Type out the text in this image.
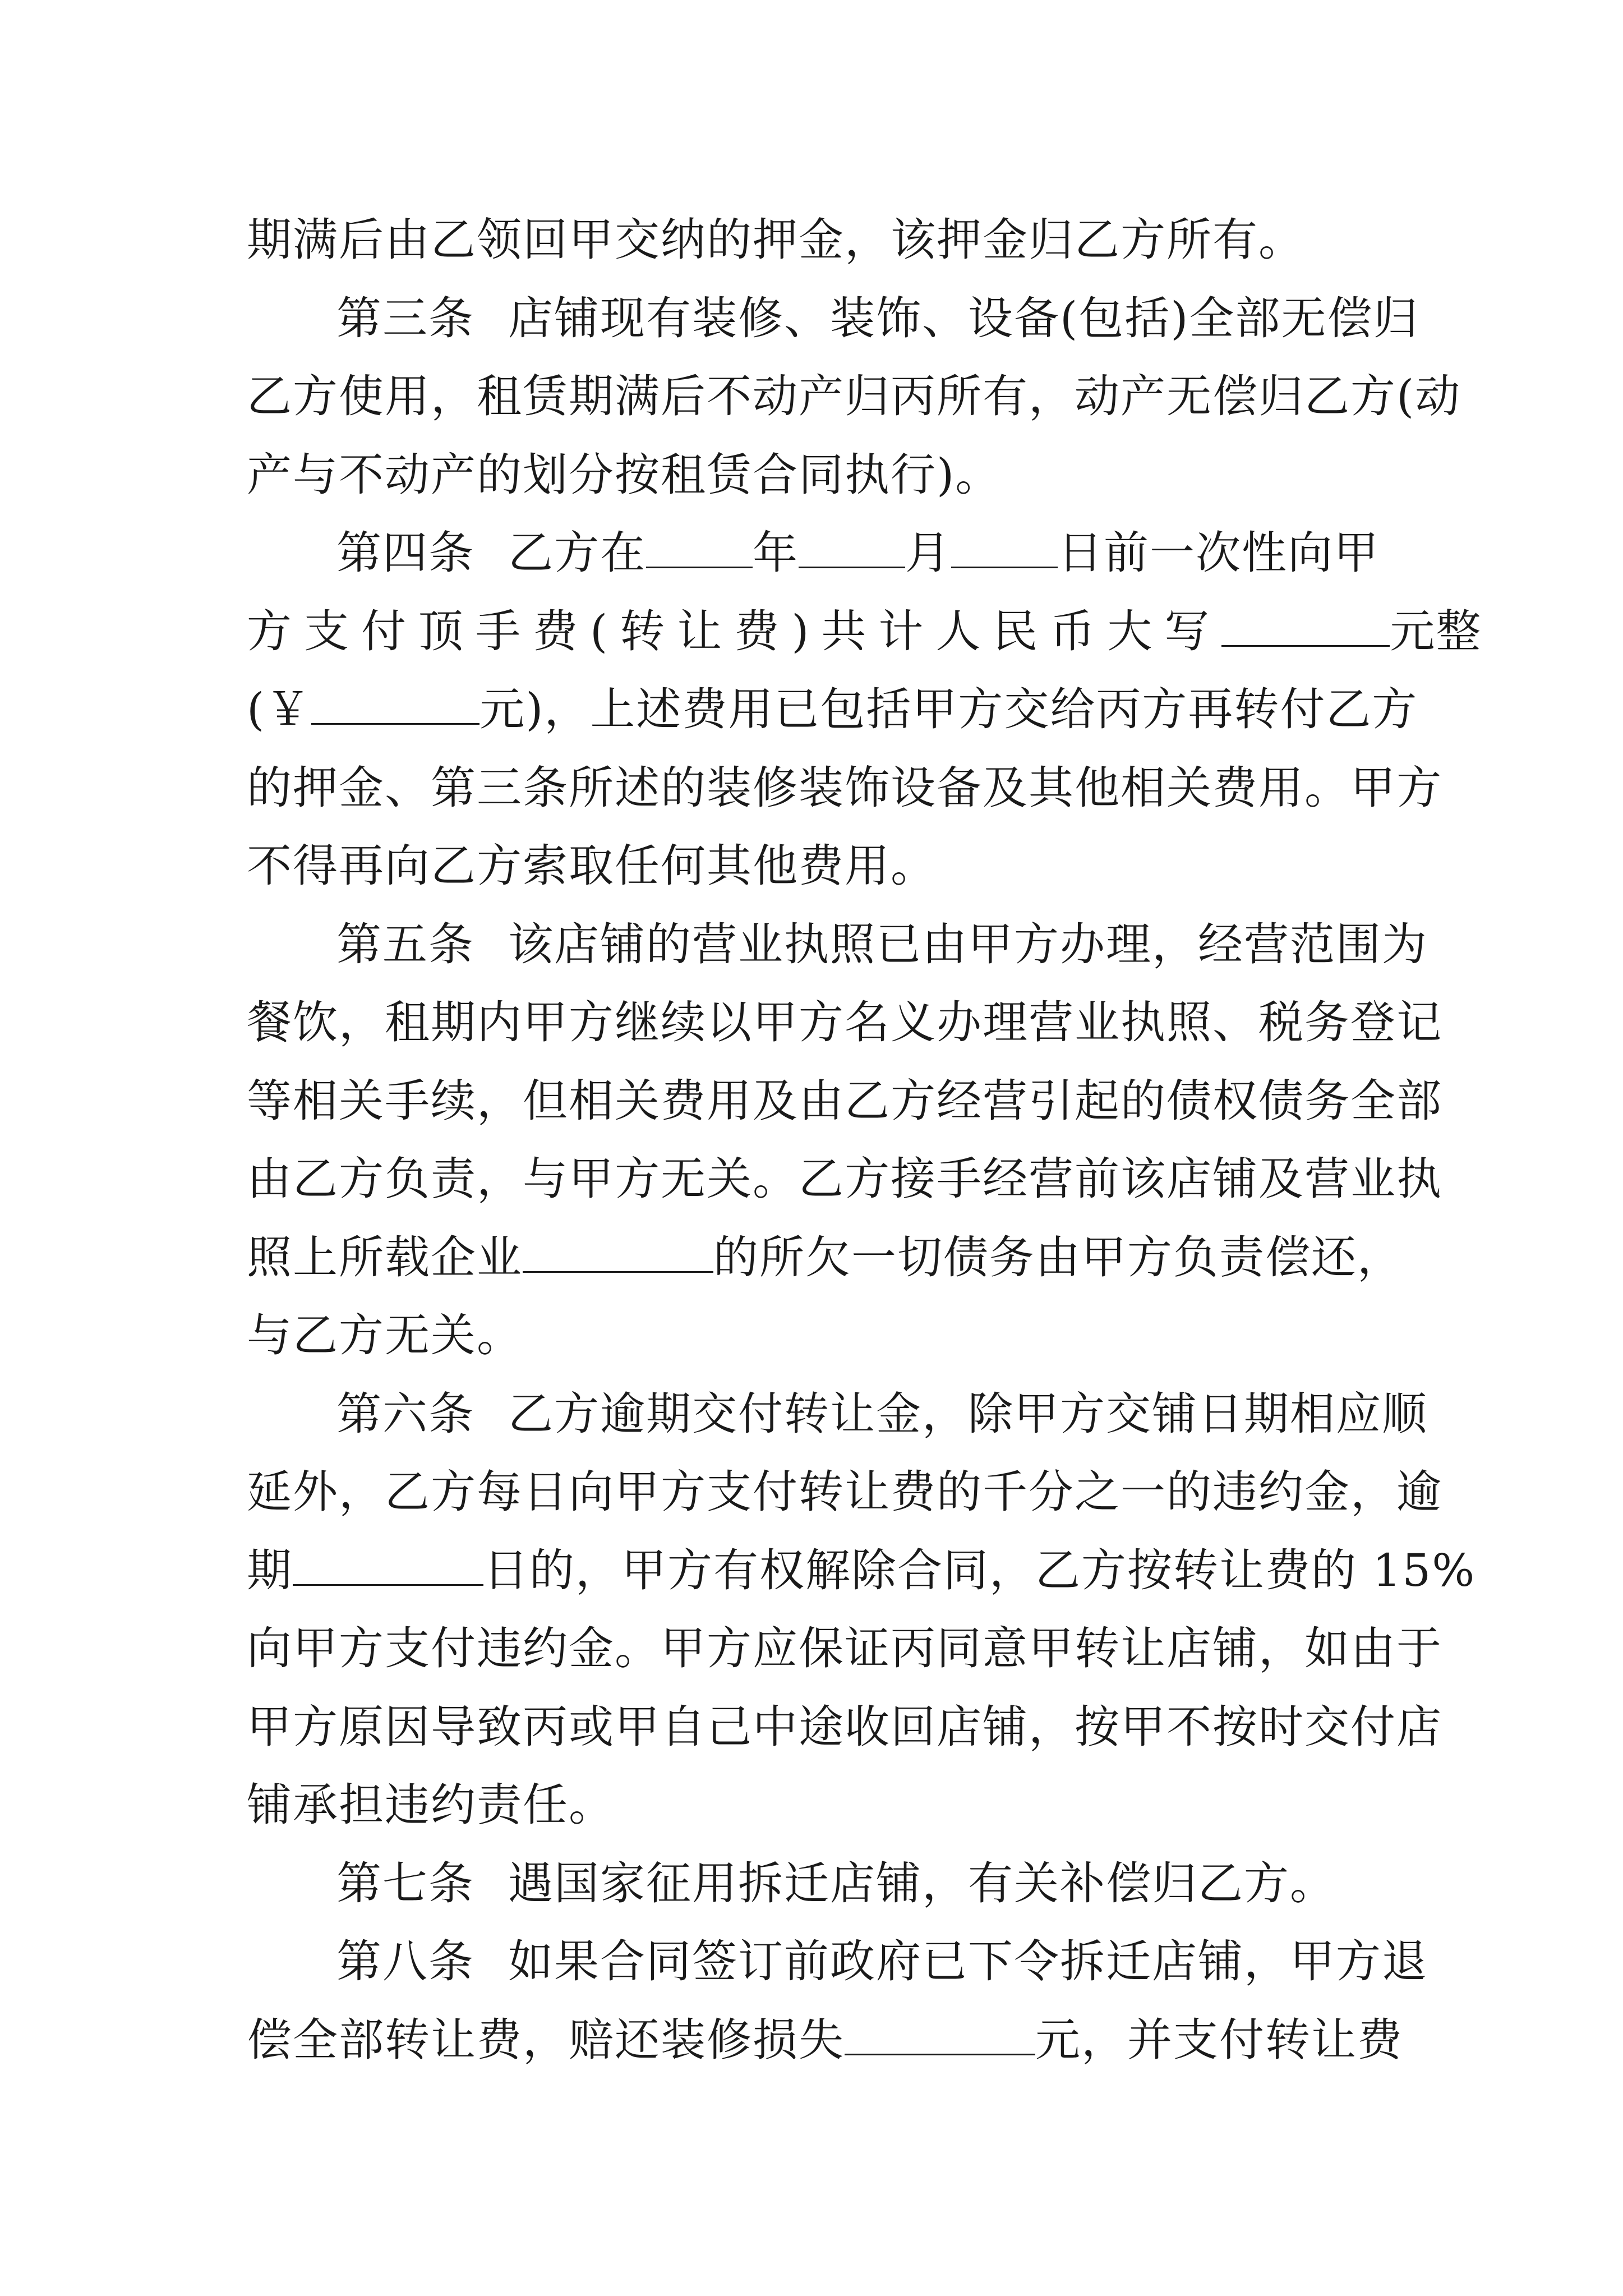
期满后由乙领回甲交纳的押金，该押金归乙方所有。
第三条 店铺现有装修、装饰、设备(包括)全部无偿归
乙方使用，租赁期满后不动产归丙所有，动产无偿归乙方(动
产与不动产的划分按租赁合同执行)。
第四条 乙方在 年 月 日前一次性向甲
方支付顶手费(转让费)共计人民币大写	元整
(￥	元)，上述费用已包括甲方交给丙方再转付乙方
的押金、第三条所述的装修装饰设备及其他相关费用。甲方
不得再向乙方索取任何其他费用。
第五条 该店铺的营业执照已由甲方办理，经营范围为
餐饮，租期内甲方继续以甲方名义办理营业执照、税务登记
等相关手续，但相关费用及由乙方经营引起的债权债务全部
由乙方负责，与甲方无关。乙方接手经营前该店铺及营业执
照上所载企业	的所欠一切债务由甲方负责偿还，
与乙方无关。
第六条 乙方逾期交付转让金，除甲方交铺日期相应顺
延外，乙方每日向甲方支付转让费的千分之一的违约金，逾
期	日的，甲方有权解除合同，乙方按转让费的 15%
向甲方支付违约金。甲方应保证丙同意甲转让店铺，如由于
甲方原因导致丙或甲自己中途收回店铺，按甲不按时交付店
铺承担违约责任。
第七条 遇国家征用拆迁店铺，有关补偿归乙方。
第八条 如果合同签订前政府已下令拆迁店铺，甲方退
偿全部转让费，赔还装修损失	元，并支付转让费
